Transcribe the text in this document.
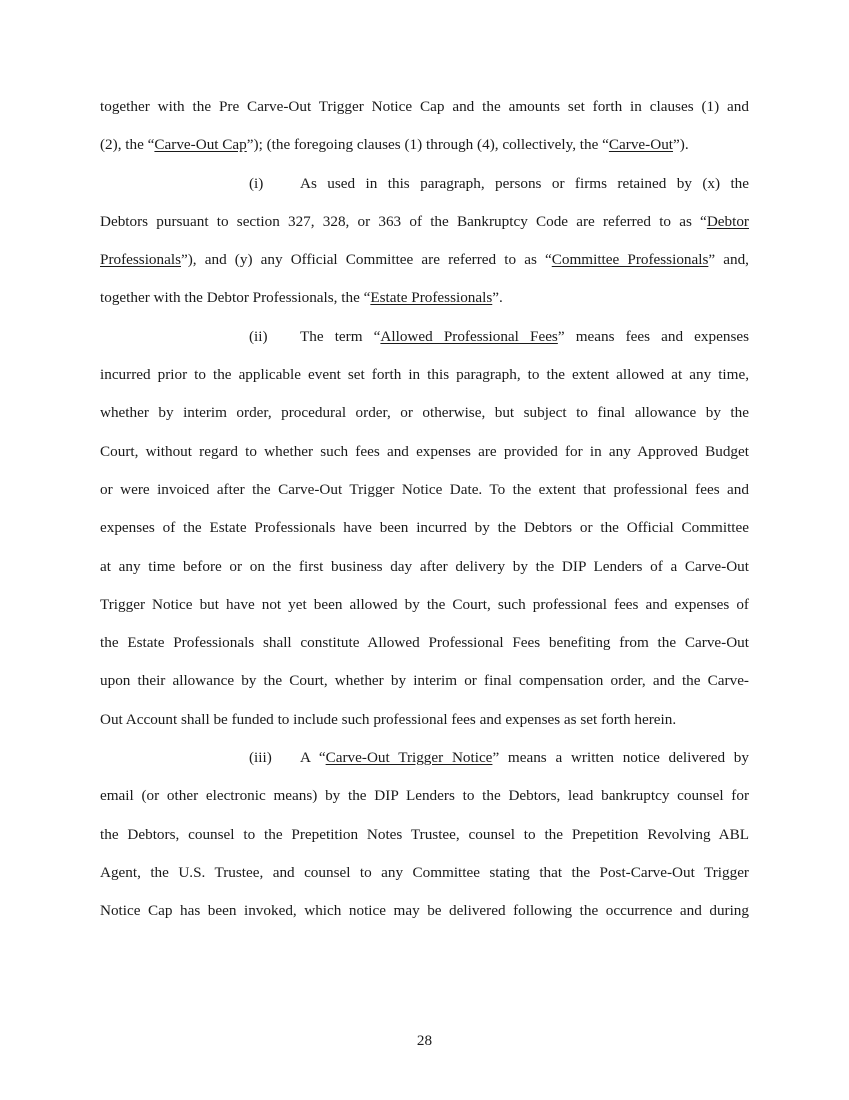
together with the Pre Carve-Out Trigger Notice Cap and the amounts set forth in clauses (1) and
(2), the “Carve-Out Cap”); (the foregoing clauses (1) through (4), collectively, the “Carve-Out”).
(i) As used in this paragraph, persons or firms retained by (x) the
Debtors pursuant to section 327, 328, or 363 of the Bankruptcy Code are referred to as “Debtor
Professionals”), and (y) any Official Committee are referred to as “Committee Professionals” and,
together with the Debtor Professionals, the “Estate Professionals”.
(ii) The term “Allowed Professional Fees” means fees and expenses
incurred prior to the applicable event set forth in this paragraph, to the extent allowed at any time,
whether by interim order, procedural order, or otherwise, but subject to final allowance by the
Court, without regard to whether such fees and expenses are provided for in any Approved Budget
or were invoiced after the Carve-Out Trigger Notice Date. To the extent that professional fees and
expenses of the Estate Professionals have been incurred by the Debtors or the Official Committee
at any time before or on the first business day after delivery by the DIP Lenders of a Carve-Out
Trigger Notice but have not yet been allowed by the Court, such professional fees and expenses of
the Estate Professionals shall constitute Allowed Professional Fees benefiting from the Carve-Out
upon their allowance by the Court, whether by interim or final compensation order, and the Carve-
Out Account shall be funded to include such professional fees and expenses as set forth herein.
(iii) A “Carve-Out Trigger Notice” means a written notice delivered by
email (or other electronic means) by the DIP Lenders to the Debtors, lead bankruptcy counsel for
the Debtors, counsel to the Prepetition Notes Trustee, counsel to the Prepetition Revolving ABL
Agent, the U.S. Trustee, and counsel to any Committee stating that the Post-Carve-Out Trigger
Notice Cap has been invoked, which notice may be delivered following the occurrence and during
28
